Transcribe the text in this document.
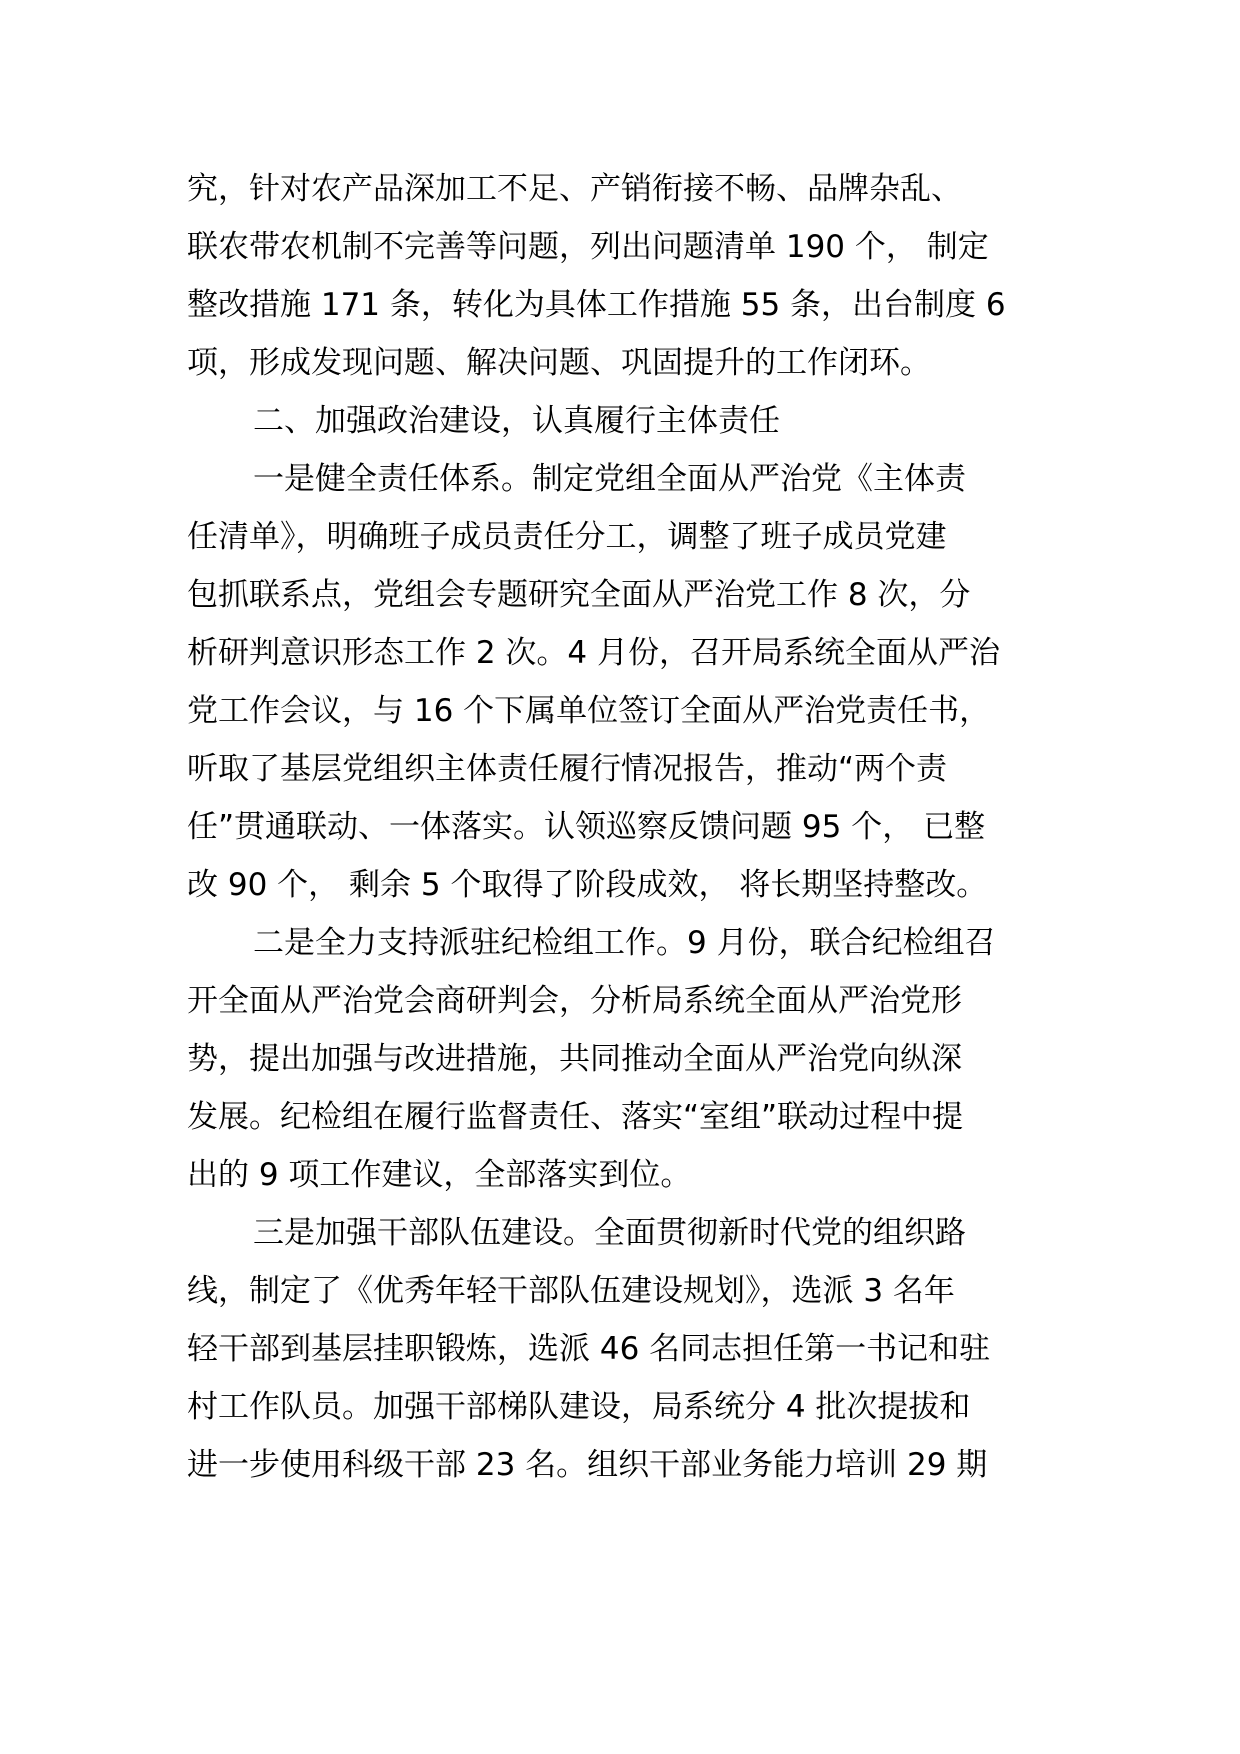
究，针对农产品深加工不足、产销衔接不畅、品牌杂乱、
联农带农机制不完善等问题，列出问题清单 190 个， 制定
整改措施 171 条，转化为具体工作措施 55 条，出台制度 6
项，形成发现问题、解决问题、巩固提升的工作闭环。
二、加强政治建设，认真履行主体责任
一是健全责任体系。制定党组全面从严治党《主体责
任清单》，明确班子成员责任分工，调整了班子成员党建
包抓联系点，党组会专题研究全面从严治党工作 8 次，分
析研判意识形态工作 2 次。4 月份，召开局系统全面从严治
党工作会议，与 16 个下属单位签订全面从严治党责任书，
听取了基层党组织主体责任履行情况报告，推动“两个责
任”贯通联动、一体落实。认领巡察反馈问题 95 个， 已整
改 90 个， 剩余 5 个取得了阶段成效， 将长期坚持整改。
二是全力支持派驻纪检组工作。9 月份，联合纪检组召
开全面从严治党会商研判会，分析局系统全面从严治党形
势，提出加强与改进措施，共同推动全面从严治党向纵深
发展。纪检组在履行监督责任、落实“室组”联动过程中提
出的 9 项工作建议，全部落实到位。
三是加强干部队伍建设。全面贯彻新时代党的组织路
线，制定了《优秀年轻干部队伍建设规划》，选派 3 名年
轻干部到基层挂职锻炼，选派 46 名同志担任第一书记和驻
村工作队员。加强干部梯队建设，局系统分 4 批次提拔和
进一步使用科级干部 23 名。组织干部业务能力培训 29 期
